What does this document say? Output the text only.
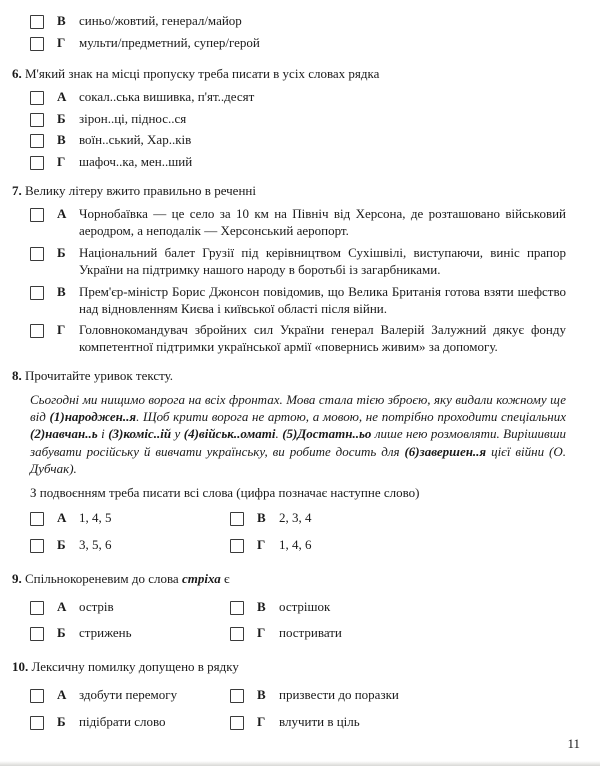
В	синьо/жовтий, генерал/майор
Г	мульти/предметний, супер/герой
6. М'який знак на місці пропуску треба писати в усіх словах рядка
А сокал..ська вишивка, п'ят..десят
Б	зірон..ці, піднос..ся
В	воїн..ський, Хар..ків
Г	шафоч..ка, мен..ший
7. Велику літеру вжито правильно в реченні
А Чорнобаївка — це село за 10 км на Північ від Херсона, де розташовано військовий аеродром, а неподалік — Херсонський аеропорт.
Б	Національний балет Грузії під керівництвом Сухішвілі, виступаючи, виніс прапор України на підтримку нашого народу в боротьбі із загарбниками.
В	Прем'єр-міністр Борис Джонсон повідомив, що Велика Британія готова взяти шефство над відновленням Києва і київської області після війни.
Г	Головнокомандувач збройних сил України генерал Валерій Залужний дякує фонду компетентної підтримки української армії «повернись живим» за допомогу.
8. Прочитайте уривок тексту.
Сьогодні ми нищимо ворога на всіх фронтах. Мова стала тією зброєю, яку видали кожному ще від (1)народжен..я. Щоб крити ворога не артою, а мовою, не потрібно проходити спеціальних (2)навчан..ь і (3)коміс..ій у (4)військ..оматі. (5)Достатн..ьо лише нею розмовляти. Вирішивши забувати російську й вивчати українську, ви робите досить для (6)завершен..я цієї війни (О. Дубчак).
З подвоєнням треба писати всі слова (цифра позначає наступне слово)
А 1, 4, 5	В	2, 3, 4
Б	3, 5, 6	Г	1, 4, 6
9. Спільнокореневим до слова стріха є
А острів	В	острішок
Б	стрижень	Г	постривати
10. Лексичну помилку допущено в рядку
А здобути перемогу	В	призвести до поразки
Б	підібрати слово	Г	влучити в ціль
11
